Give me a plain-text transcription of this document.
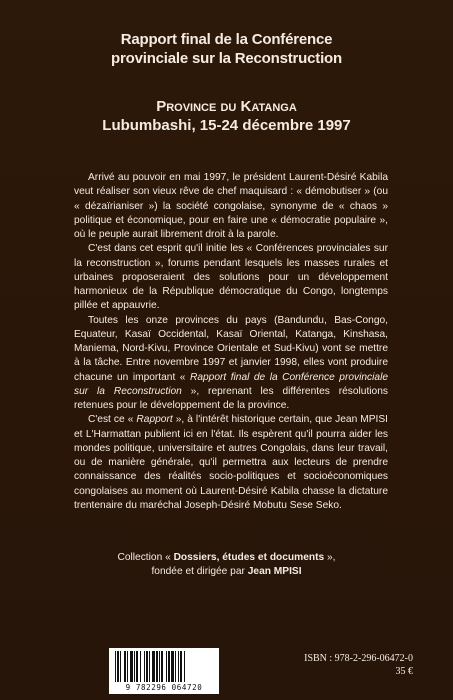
Rapport final de la Conférence
provinciale sur la Reconstruction
Province du Katanga
Lubumbashi, 15-24 décembre 1997

Arrivé au pouvoir en mai 1997, le président Laurent-Désiré Kabila veut réaliser son vieux rêve de chef maquisard : « démobutiser » (ou « dézaïrianiser ») la société congolaise, synonyme de « chaos » politique et économique, pour en faire une « démocratie populaire », où le peuple aurait librement droit à la parole.

C'est dans cet esprit qu'il initie les « Conférences provinciales sur la reconstruction », forums pendant lesquels les masses rurales et urbaines proposeraient des solutions pour un développement harmonieux de la République démocratique du Congo, longtemps pillée et appauvrie.

Toutes les onze provinces du pays (Bandundu, Bas-Congo, Equateur, Kasaï Occidental, Kasaï Oriental, Katanga, Kinshasa, Maniema, Nord-Kivu, Province Orientale et Sud-Kivu) vont se mettre à la tâche. Entre novembre 1997 et janvier 1998, elles vont produire chacune un important « Rapport final de la Conférence provinciale sur la Reconstruction », reprenant les différentes résolutions retenues pour le développement de la province.

C'est ce « Rapport », à l'intérêt historique certain, que Jean MPISI et L'Harmattan publient ici en l'état. Ils espèrent qu'il pourra aider les mondes politique, universitaire et autres Congolais, dans leur travail, ou de manière générale, qu'il permettra aux lecteurs de prendre connaissance des réalités socio-politiques et socioéconomiques congolaises au moment où Laurent-Désiré Kabila chasse la dictature trentenaire du maréchal Joseph-Désiré Mobutu Sese Seko.

Collection « Dossiers, études et documents »,
fondée et dirigée par Jean MPISI
9 782296 064720
ISBN : 978-2-296-06472-0
35 €
